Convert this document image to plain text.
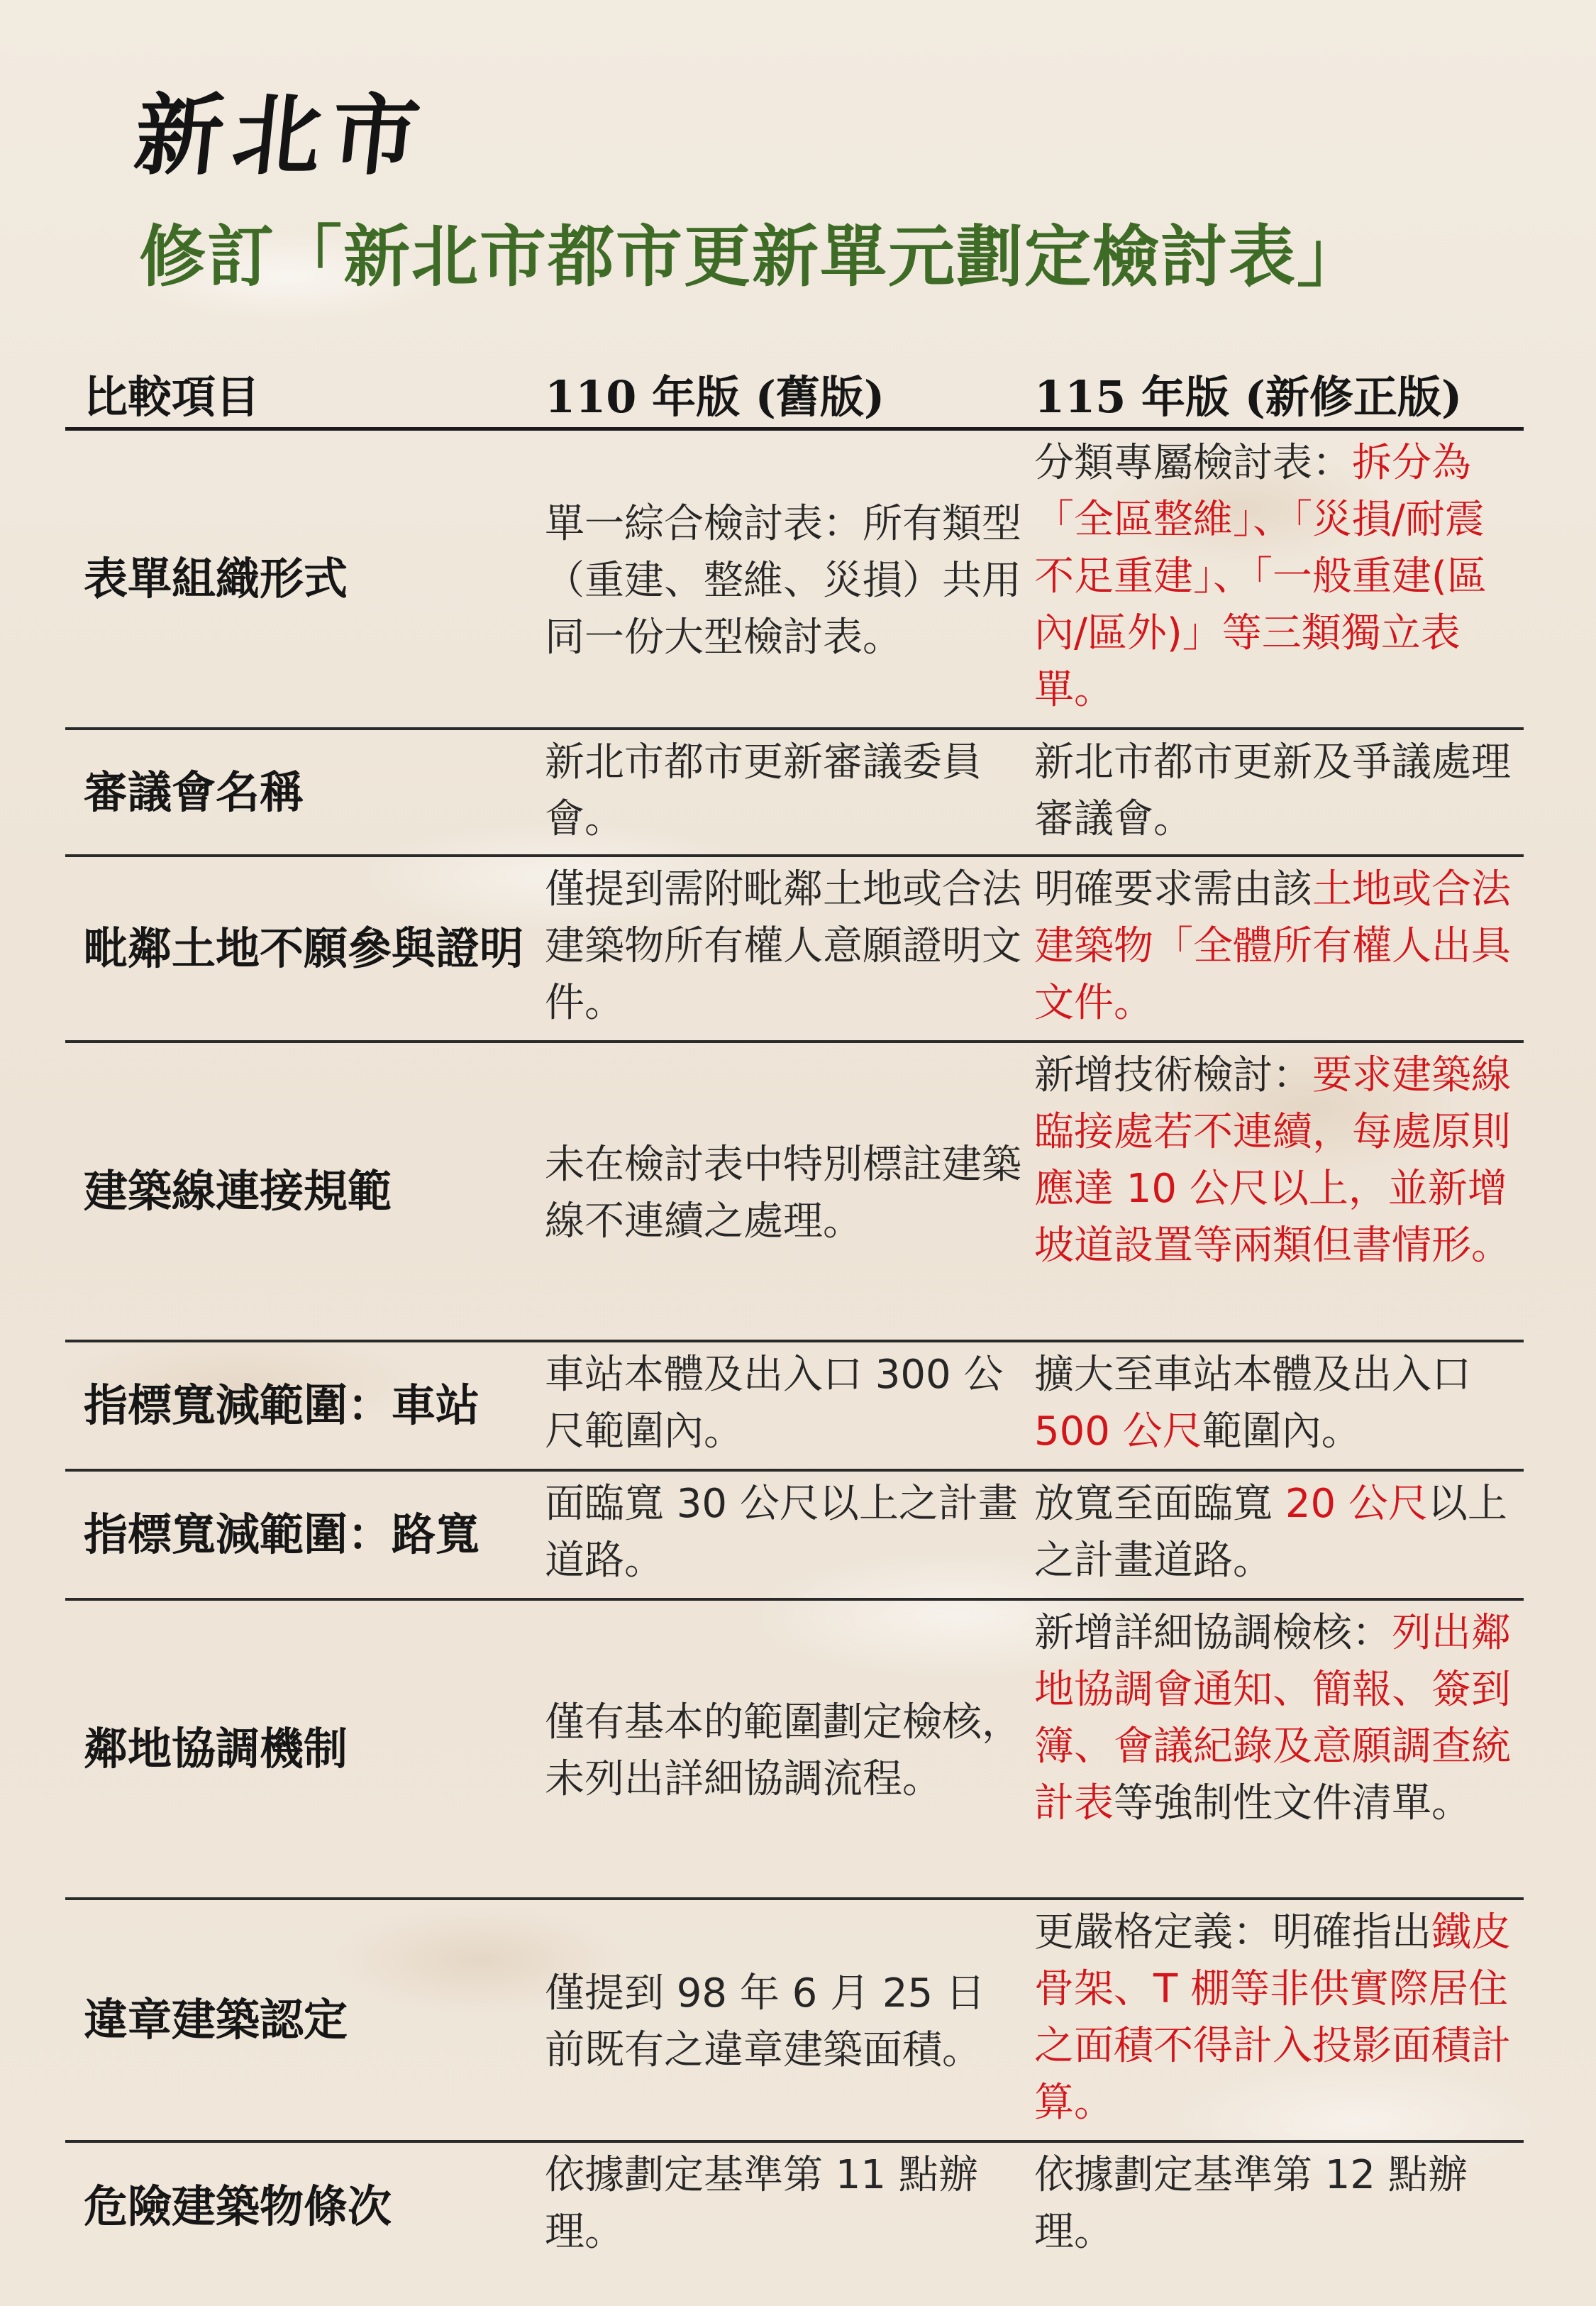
新北市
修訂「新北市都市更新單元劃定檢討表」
比較項目	110 年版 (舊版)	115 年版 (新修正版)
表單組織形式
單一綜合檢討表：所有類型（重建、整維、災損）共用同一份大型檢討表。
分類專屬檢討表：拆分為「全區整維」、「災損/耐震不足重建」、「一般重建(區內/區外)」等三類獨立表單。
審議會名稱
新北市都市更新審議委員會。
新北市都市更新及爭議處理審議會。
毗鄰土地不願參與證明
僅提到需附毗鄰土地或合法建築物所有權人意願證明文件。
明確要求需由該土地或合法建築物「全體所有權人出具文件。
建築線連接規範
未在檢討表中特別標註建築線不連續之處理。
新增技術檢討：要求建築線臨接處若不連續，每處原則應達 10 公尺以上，並新增坡道設置等兩類但書情形。
指標寬減範圍：車站
車站本體及出入口 300 公尺範圍內。
擴大至車站本體及出入口 500 公尺範圍內。
指標寬減範圍：路寬
面臨寬 30 公尺以上之計畫道路。
放寬至面臨寬 20 公尺以上之計畫道路。
鄰地協調機制
僅有基本的範圍劃定檢核，未列出詳細協調流程。
新增詳細協調檢核：列出鄰地協調會通知、簡報、簽到簿、會議紀錄及意願調查統計表等強制性文件清單。
違章建築認定
僅提到 98 年 6 月 25 日前既有之違章建築面積。
更嚴格定義：明確指出鐵皮骨架、T 棚等非供實際居住之面積不得計入投影面積計算。
危險建築物條次
依據劃定基準第 11 點辦理。
依據劃定基準第 12 點辦理。
